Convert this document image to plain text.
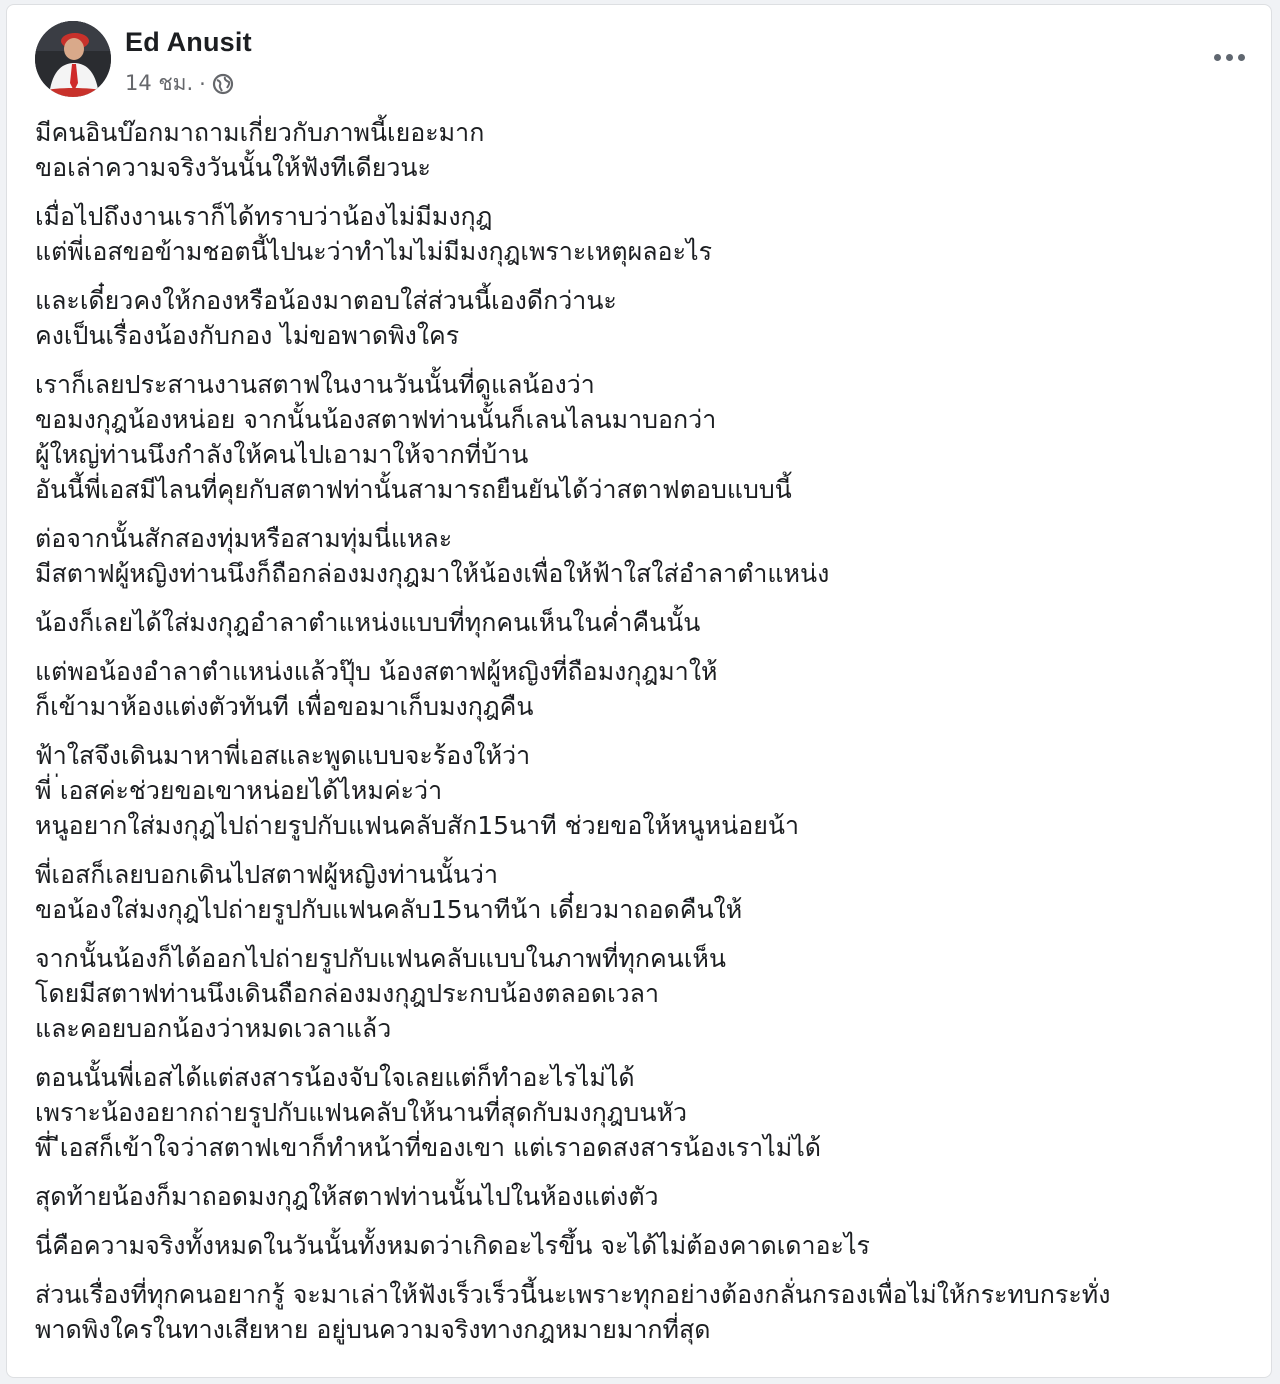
Ed Anusit
14 ชม. ·

มีคนอินบ๊อกมาถามเกี่ยวกับภาพนี้เยอะมาก
ขอเล่าความจริงวันนั้นให้ฟังทีเดียวนะ

เมื่อไปถึงงานเราก็ได้ทราบว่าน้องไม่มีมงกุฎ
แต่พี่เอสขอข้ามชอตนี้ไปนะว่าทำไมไม่มีมงกุฎเพราะเหตุผลอะไร

และเดี๋ยวคงให้กองหรือน้องมาตอบใส่ส่วนนี้เองดีกว่านะ
คงเป็นเรื่องน้องกับกอง ไม่ขอพาดพิงใคร

เราก็เลยประสานงานสตาฟในงานวันนั้นที่ดูแลน้องว่า
ขอมงกุฎน้องหน่อย จากนั้นน้องสตาฟท่านนั้นก็เลนไลนมาบอกว่า
ผู้ใหญ่ท่านนึงกำลังให้คนไปเอามาให้จากที่บ้าน
อันนี้พี่เอสมีไลนที่คุยกับสตาฟท่านั้นสามารถยืนยันได้ว่าสตาฟตอบแบบนี้

ต่อจากนั้นสักสองทุ่มหรือสามทุ่มนี่แหละ
มีสตาฟผู้หญิงท่านนึงก็ถือกล่องมงกุฎมาให้น้องเพื่อให้ฟ้าใสใส่อำลาตำแหน่ง

น้องก็เลยได้ใส่มงกุฎอำลาตำแหน่งแบบที่ทุกคนเห็นในค่ำคืนนั้น

แต่พอน้องอำลาตำแหน่งแล้วปุ๊บ น้องสตาฟผู้หญิงที่ถือมงกุฎมาให้
ก็เข้ามาห้องแต่งตัวทันที เพื่อขอมาเก็บมงกุฎคืน

ฟ้าใสจึงเดินมาหาพี่เอสและพูดแบบจะร้องให้ว่า
พี่ ่เอสค่ะช่วยขอเขาหน่อยได้ไหมค่ะว่า
หนูอยากใส่มงกุฎไปถ่ายรูปกับแฟนคลับสัก15นาที ช่วยขอให้หนูหน่อยน้า

พี่เอสก็เลยบอกเดินไปสตาฟผู้หญิงท่านนั้นว่า
ขอน้องใส่มงกุฎไปถ่ายรูปกับแฟนคลับ15นาทีน้า เดี๋ยวมาถอดคืนให้

จากนั้นน้องก็ได้ออกไปถ่ายรูปกับแฟนคลับแบบในภาพที่ทุกคนเห็น
โดยมีสตาฟท่านนึงเดินถือกล่องมงกุฎประกบน้องตลอดเวลา
และคอยบอกน้องว่าหมดเวลาแล้ว

ตอนนั้นพี่เอสได้แต่สงสารน้องจับใจเลยแต่ก็ทำอะไรไม่ได้
เพราะน้องอยากถ่ายรูปกับแฟนคลับให้นานที่สุดกับมงกุฎบนหัว
พี่ ีเอสก็เข้าใจว่าสตาฟเขาก็ทำหน้าที่ของเขา แต่เราอดสงสารน้องเราไม่ได้

สุดท้ายน้องก็มาถอดมงกุฎให้สตาฟท่านนั้นไปในห้องแต่งตัว

นี่คือความจริงทั้งหมดในวันนั้นทั้งหมดว่าเกิดอะไรขึ้น จะได้ไม่ต้องคาดเดาอะไร

ส่วนเรื่องที่ทุกคนอยากรู้ จะมาเล่าให้ฟังเร็วเร็วนี้นะเพราะทุกอย่างต้องกลั่นกรองเพื่อไม่ให้กระทบกระทั่ง
พาดพิงใครในทางเสียหาย อยู่บนความจริงทางกฎหมายมากที่สุด
